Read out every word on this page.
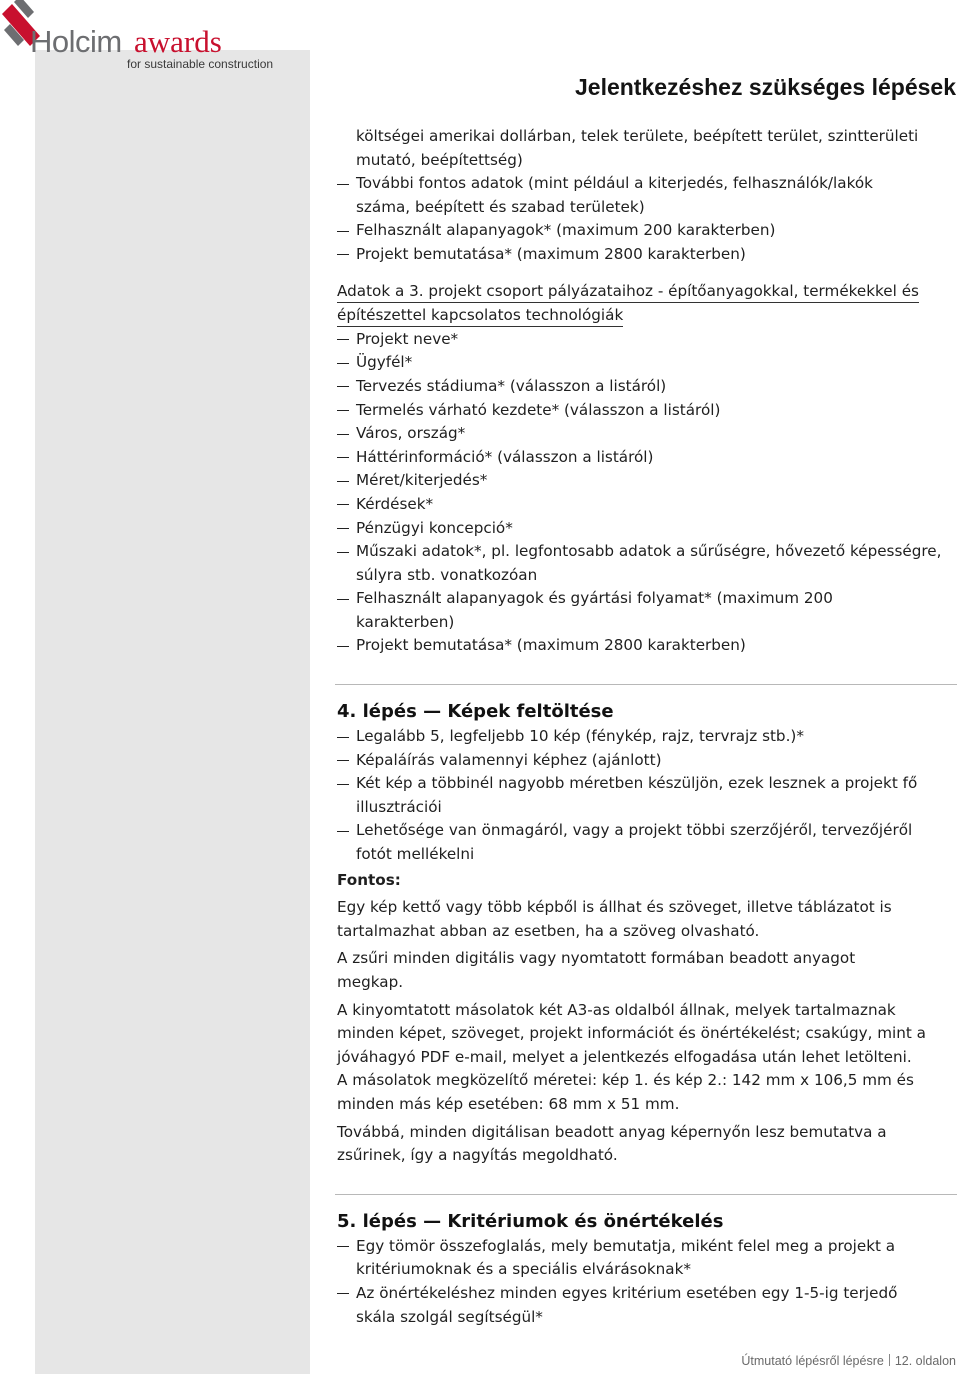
Holcim awards
for sustainable construction
Jelentkezéshez szükséges lépések
költségei amerikai dollárban, telek területe, beépített terület, szintterületi
mutató, beépítettség)
További fontos adatok (mint például a kiterjedés, felhasználók/lakók
száma, beépített és szabad területek)
Felhasznált alapanyagok* (maximum 200 karakterben)
Projekt bemutatása* (maximum 2800 karakterben)
Adatok a 3. projekt csoport pályázataihoz - építőanyagokkal, termékekkel és építészettel kapcsolatos technológiák
Projekt neve*
Ügyfél*
Tervezés stádiuma* (válasszon a listáról)
Termelés várható kezdete* (válasszon a listáról)
Város, ország*
Háttérinformáció* (válasszon a listáról)
Méret/kiterjedés*
Kérdések*
Pénzügyi koncepció*
Műszaki adatok*, pl. legfontosabb adatok a sűrűségre, hővezető képességre,
súlyra stb. vonatkozóan
Felhasznált alapanyagok és gyártási folyamat* (maximum 200
karakterben)
Projekt bemutatása* (maximum 2800 karakterben)
4. lépés — Képek feltöltése
Legalább 5, legfeljebb 10 kép (fénykép, rajz, tervrajz stb.)*
Képaláírás valamennyi képhez (ajánlott)
Két kép a többinél nagyobb méretben készüljön, ezek lesznek a projekt fő
illusztrációi
Lehetősége van önmagáról, vagy a projekt többi szerzőjéről, tervezőjéről
fotót mellékelni
Fontos:
Egy kép kettő vagy több képből is állhat és szöveget, illetve táblázatot is
tartalmazhat abban az esetben, ha a szöveg olvasható.
A zsűri minden digitális vagy nyomtatott formában beadott anyagot
megkap.
A kinyomtatott másolatok két A3-as oldalból állnak, melyek tartalmaznak
minden képet, szöveget, projekt információt és önértékelést; csakúgy, mint a
jóváhagyó PDF e-mail, melyet a jelentkezés elfogadása után lehet letölteni.
A másolatok megközelítő méretei: kép 1. és kép 2.: 142 mm x 106,5 mm és
minden más kép esetében: 68 mm x 51 mm.
Továbbá, minden digitálisan beadott anyag képernyőn lesz bemutatva a
zsűrinek, így a nagyítás megoldható.
5. lépés — Kritériumok és önértékelés
Egy tömör összefoglalás, mely bemutatja, miként felel meg a projekt a
kritériumoknak és a speciális elvárásoknak*
Az önértékeléshez minden egyes kritérium esetében egy 1-5-ig terjedő
skála szolgál segítségül*
Útmutató lépésről lépésre 12. oldalon
